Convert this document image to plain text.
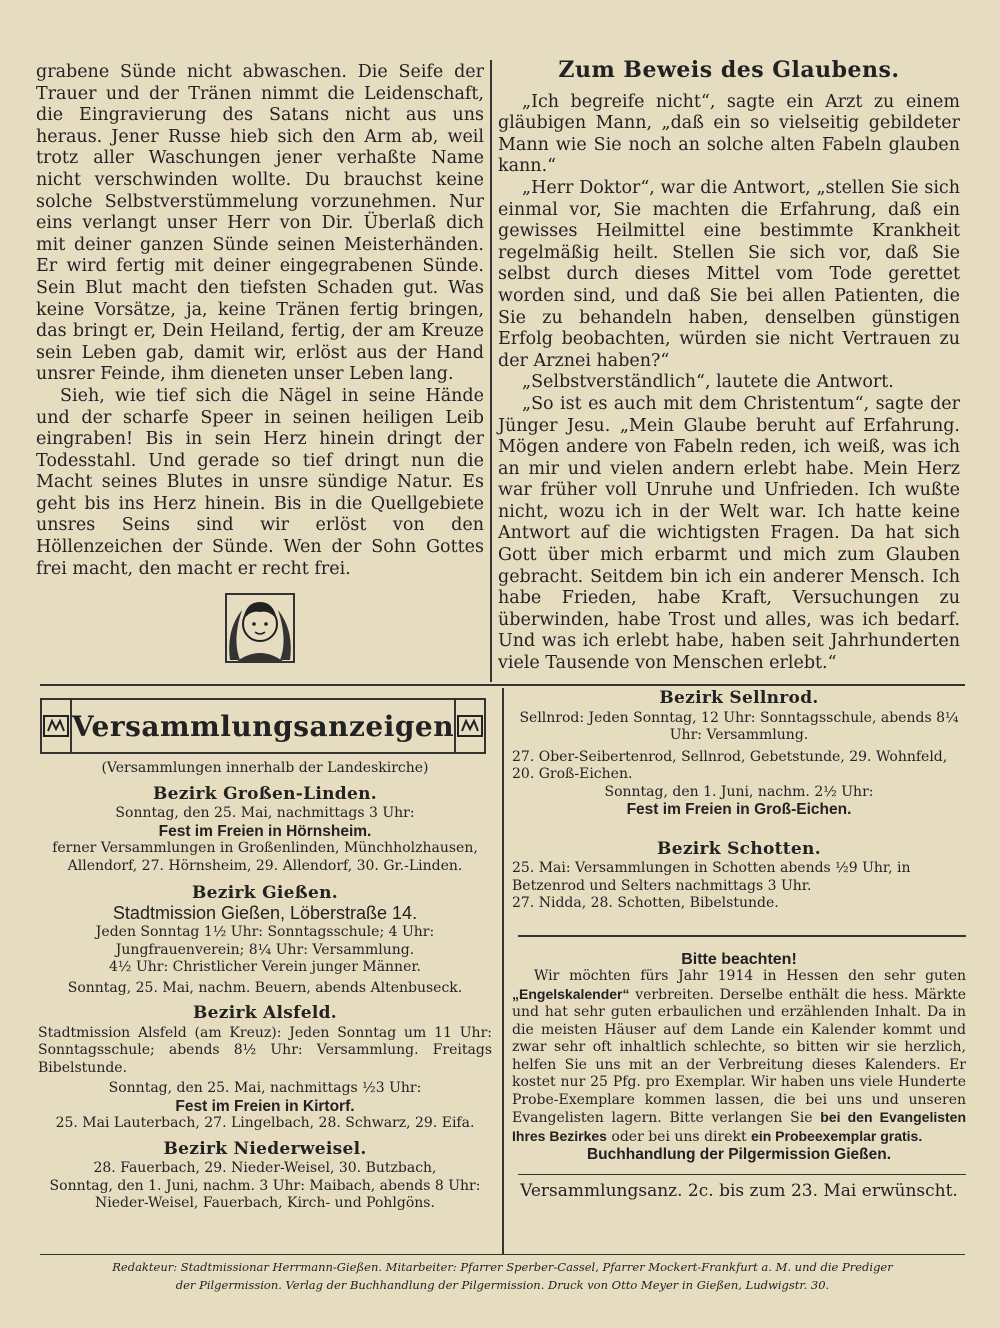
grabene Sünde nicht abwaschen. Die Seife der Trauer und der Tränen nimmt die Leidenschaft, die Eingravierung des Satans nicht aus uns heraus. Jener Russe hieb sich den Arm ab, weil trotz aller Waschungen jener verhaßte Name nicht verschwinden wollte. Du brauchst keine solche Selbstverstümmelung vorzunehmen. Nur eins verlangt unser Herr von Dir. Überlaß dich mit deiner ganzen Sünde seinen Meisterhänden. Er wird fertig mit deiner eingegrabenen Sünde. Sein Blut macht den tiefsten Schaden gut. Was keine Vorsätze, ja, keine Tränen fertig bringen, das bringt er, Dein Heiland, fertig, der am Kreuze sein Leben gab, damit wir, erlöst aus der Hand unsrer Feinde, ihm dieneten unser Leben lang.

Sieh, wie tief sich die Nägel in seine Hände und der scharfe Speer in seinen heiligen Leib eingraben! Bis in sein Herz hinein dringt der Todesstahl. Und gerade so tief dringt nun die Macht seines Blutes in unsre sündige Natur. Es geht bis ins Herz hinein. Bis in die Quellgebiete unsres Seins sind wir erlöst von den Höllenzeichen der Sünde. Wen der Sohn Gottes frei macht, den macht er recht frei.

Zum Beweis des Glaubens.

„Ich begreife nicht“, sagte ein Arzt zu einem gläubigen Mann, „daß ein so vielseitig gebildeter Mann wie Sie noch an solche alten Fabeln glauben kann.“

„Herr Doktor“, war die Antwort, „stellen Sie sich einmal vor, Sie machten die Erfahrung, daß ein gewisses Heilmittel eine bestimmte Krankheit regelmäßig heilt. Stellen Sie sich vor, daß Sie selbst durch dieses Mittel vom Tode gerettet worden sind, und daß Sie bei allen Patienten, die Sie zu behandeln haben, denselben günstigen Erfolg beobachten, würden sie nicht Vertrauen zu der Arznei haben?“

„Selbstverständlich“, lautete die Antwort.

„So ist es auch mit dem Christentum“, sagte der Jünger Jesu. „Mein Glaube beruht auf Erfahrung. Mögen andere von Fabeln reden, ich weiß, was ich an mir und vielen andern erlebt habe. Mein Herz war früher voll Unruhe und Unfrieden. Ich wußte nicht, wozu ich in der Welt war. Ich hatte keine Antwort auf die wichtigsten Fragen. Da hat sich Gott über mich erbarmt und mich zum Glauben gebracht. Seitdem bin ich ein anderer Mensch. Ich habe Frieden, habe Kraft, Versuchungen zu überwinden, habe Trost und alles, was ich bedarf. Und was ich erlebt habe, haben seit Jahrhunderten viele Tausende von Menschen erlebt.“

Versammlungsanzeigen
(Versammlungen innerhalb der Landeskirche)
Bezirk Großen-Linden.
Sonntag, den 25. Mai, nachmittags 3 Uhr:
Fest im Freien in Hörnsheim.
ferner Versammlungen in Großenlinden, Münchholzhausen, Allendorf, 27. Hörnsheim, 29. Allendorf, 30. Gr.-Linden.
Bezirk Gießen.
Stadtmission Gießen, Löberstraße 14.
Jeden Sonntag 1½ Uhr: Sonntagsschule; 4 Uhr: Jungfrauenverein; 8¼ Uhr: Versammlung.
4½ Uhr: Christlicher Verein junger Männer.
Sonntag, 25. Mai, nachm. Beuern, abends Altenbuseck.
Bezirk Alsfeld.
Stadtmission Alsfeld (am Kreuz): Jeden Sonntag um 11 Uhr: Sonntagsschule; abends 8½ Uhr: Versammlung. Freitags Bibelstunde.
Sonntag, den 25. Mai, nachmittags ½3 Uhr:
Fest im Freien in Kirtorf.
25. Mai Lauterbach, 27. Lingelbach, 28. Schwarz, 29. Eifa.
Bezirk Niederweisel.
28. Fauerbach, 29. Nieder-Weisel, 30. Butzbach,
Sonntag, den 1. Juni, nachm. 3 Uhr: Maibach, abends 8 Uhr: Nieder-Weisel, Fauerbach, Kirch- und Pohlgöns.
Bezirk Sellnrod.
Sellnrod: Jeden Sonntag, 12 Uhr: Sonntagsschule, abends 8¼ Uhr: Versammlung.
27. Ober-Seibertenrod, Sellnrod, Gebetstunde, 29. Wohnfeld, 20. Groß-Eichen.
Sonntag, den 1. Juni, nachm. 2½ Uhr:
Fest im Freien in Groß-Eichen.
Bezirk Schotten.
25. Mai: Versammlungen in Schotten abends ½9 Uhr, in Betzenrod und Selters nachmittags 3 Uhr.
27. Nidda, 28. Schotten, Bibelstunde.
Bitte beachten!
Wir möchten fürs Jahr 1914 in Hessen den sehr guten „Engelskalender“ verbreiten. Derselbe enthält die hess. Märkte und hat sehr guten erbaulichen und erzählenden Inhalt. Da in die meisten Häuser auf dem Lande ein Kalender kommt und zwar sehr oft inhaltlich schlechte, so bitten wir sie herzlich, helfen Sie uns mit an der Verbreitung dieses Kalenders. Er kostet nur 25 Pfg. pro Exemplar. Wir haben uns viele Hunderte Probe-Exemplare kommen lassen, die bei uns und unseren Evangelisten lagern. Bitte verlangen Sie bei den Evangelisten Ihres Bezirkes oder bei uns direkt ein Probeexemplar gratis.
Buchhandlung der Pilgermission Gießen.
Versammlungsanz. 2c. bis zum 23. Mai erwünscht.
Redakteur: Stadtmissionar Herrmann-Gießen. Mitarbeiter: Pfarrer Sperber-Cassel, Pfarrer Mockert-Frankfurt a. M. und die Prediger
der Pilgermission. Verlag der Buchhandlung der Pilgermission. Druck von Otto Meyer in Gießen, Ludwigstr. 30.
